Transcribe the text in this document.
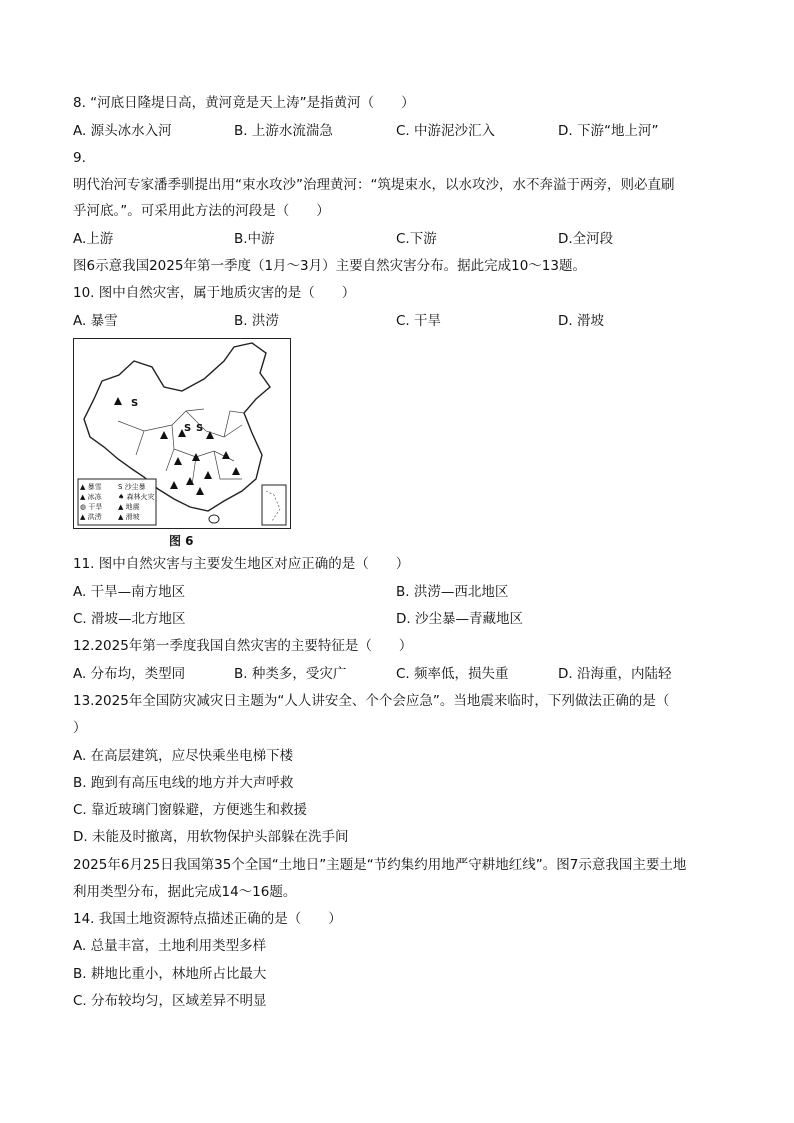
8. “河底日隆堤日高，黄河竟是天上涛”是指黄河（　　）
A. 源头冰水入河	B. 上游水流湍急	C. 中游泥沙汇入	D. 下游“地上河”
9.
明代治河专家潘季驯提出用“束水攻沙”治理黄河：“筑堤束水，以水攻沙，水不奔溢于两旁，则必直刷
乎河底。”。可采用此方法的河段是（　　）
A.上游	B.中游	C.下游	D.全河段
图6示意我国2025年第一季度（1月～3月）主要自然灾害分布。据此完成10～13题。
10. 图中自然灾害，属于地质灾害的是（　　）
A. 暴雪	B. 洪涝	C. 干旱	D. 滑坡
S
S S
▲ 暴雪	S 沙尘暴
▲ 冰冻	♠ 森林火灾
◍ 干旱	▲ 地震
▲ 洪涝	▲ 滑坡
图 6
11. 图中自然灾害与主要发生地区对应正确的是（　　）
A. 干旱—南方地区	B. 洪涝—西北地区
C. 滑坡—北方地区	D. 沙尘暴—青藏地区
12.2025年第一季度我国自然灾害的主要特征是（　　）
A. 分布均，类型同	B. 种类多，受灾广	C. 频率低，损失重	D. 沿海重，内陆轻
13.2025年全国防灾减灾日主题为“人人讲安全、个个会应急”。当地震来临时，下列做法正确的是（
）
A. 在高层建筑，应尽快乘坐电梯下楼
B. 跑到有高压电线的地方并大声呼救
C. 靠近玻璃门窗躲避，方便逃生和救援
D. 未能及时撤离，用软物保护头部躲在洗手间
2025年6月25日我国第35个全国“土地日”主题是“节约集约用地严守耕地红线”。图7示意我国主要土地
利用类型分布，据此完成14～16题。
14. 我国土地资源特点描述正确的是（　　）
A. 总量丰富，土地利用类型多样
B. 耕地比重小，林地所占比最大
C. 分布较均匀，区域差异不明显
